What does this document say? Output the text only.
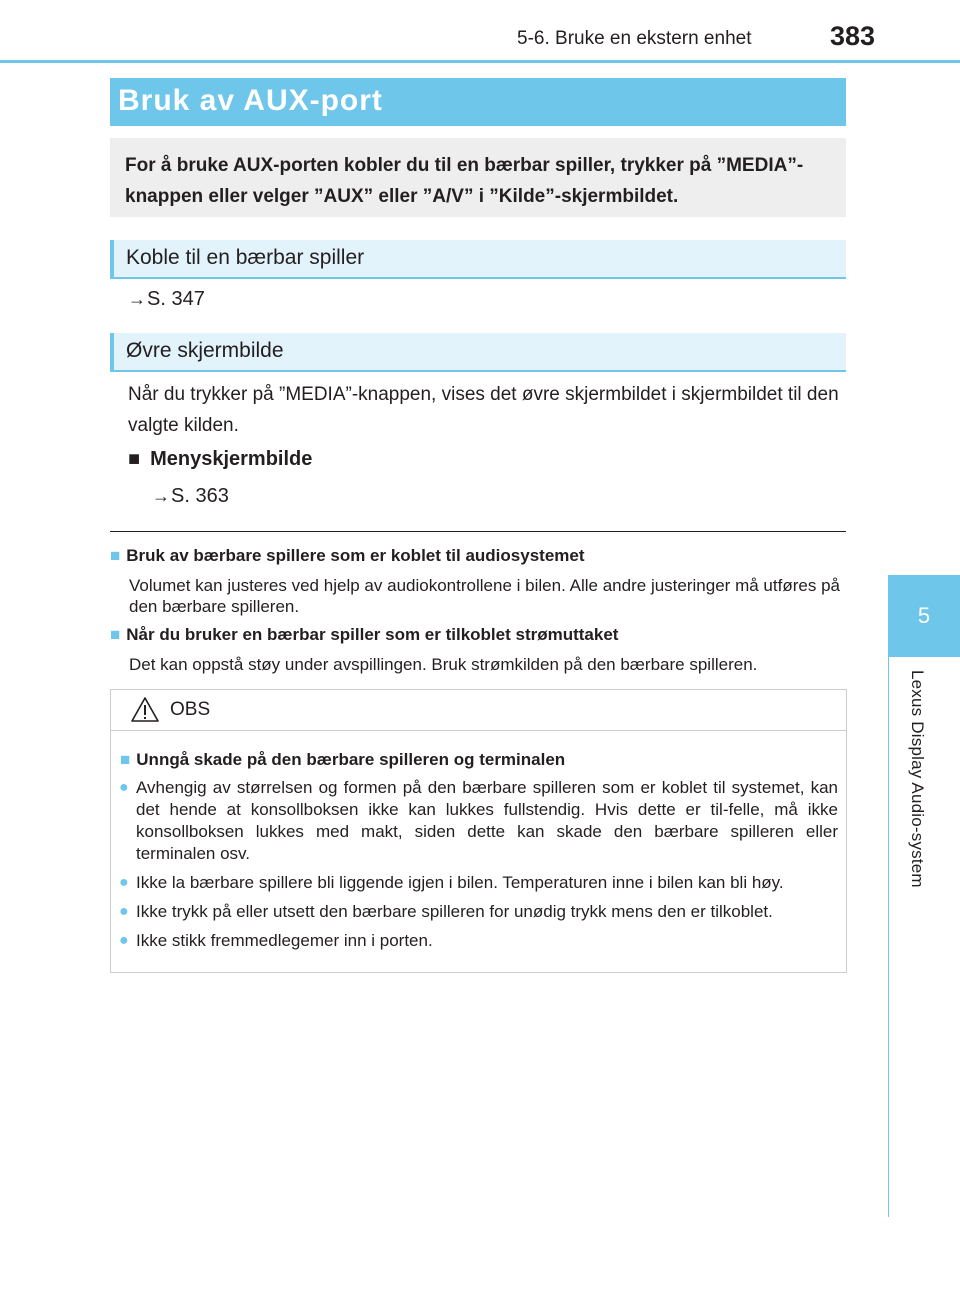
5-6. Bruke en ekstern enhet	383
5
Lexus Display Audio-system
Bruk av AUX-port

For å bruke AUX-porten kobler du til en bærbar spiller, trykker på ”MEDIA”-knappen eller velger ”AUX” eller ”A/V” i ”Kilde”-skjermbildet.

Koble til en bærbar spiller
→S. 347
Øvre skjermbilde

Når du trykker på ”MEDIA”-knappen, vises det øvre skjermbildet i skjermbildet til den valgte kilden.

■ Menyskjermbilde
→S. 363
■ Bruk av bærbare spillere som er koblet til audiosystemet

Volumet kan justeres ved hjelp av audiokontrollene i bilen. Alle andre justeringer må utføres på den bærbare spilleren.

■ Når du bruker en bærbar spiller som er tilkoblet strømuttaket

Det kan oppstå støy under avspillingen. Bruk strømkilden på den bærbare spilleren.

OBS
■ Unngå skade på den bærbare spilleren og terminalen
● Avhengig av størrelsen og formen på den bærbare spilleren som er koblet til systemet, kan det hende at konsollboksen ikke kan lukkes fullstendig. Hvis dette er til-felle, må ikke konsollboksen lukkes med makt, siden dette kan skade den bærbare spilleren eller terminalen osv.
● Ikke la bærbare spillere bli liggende igjen i bilen. Temperaturen inne i bilen kan bli høy.
● Ikke trykk på eller utsett den bærbare spilleren for unødig trykk mens den er tilkoblet.
● Ikke stikk fremmedlegemer inn i porten.
